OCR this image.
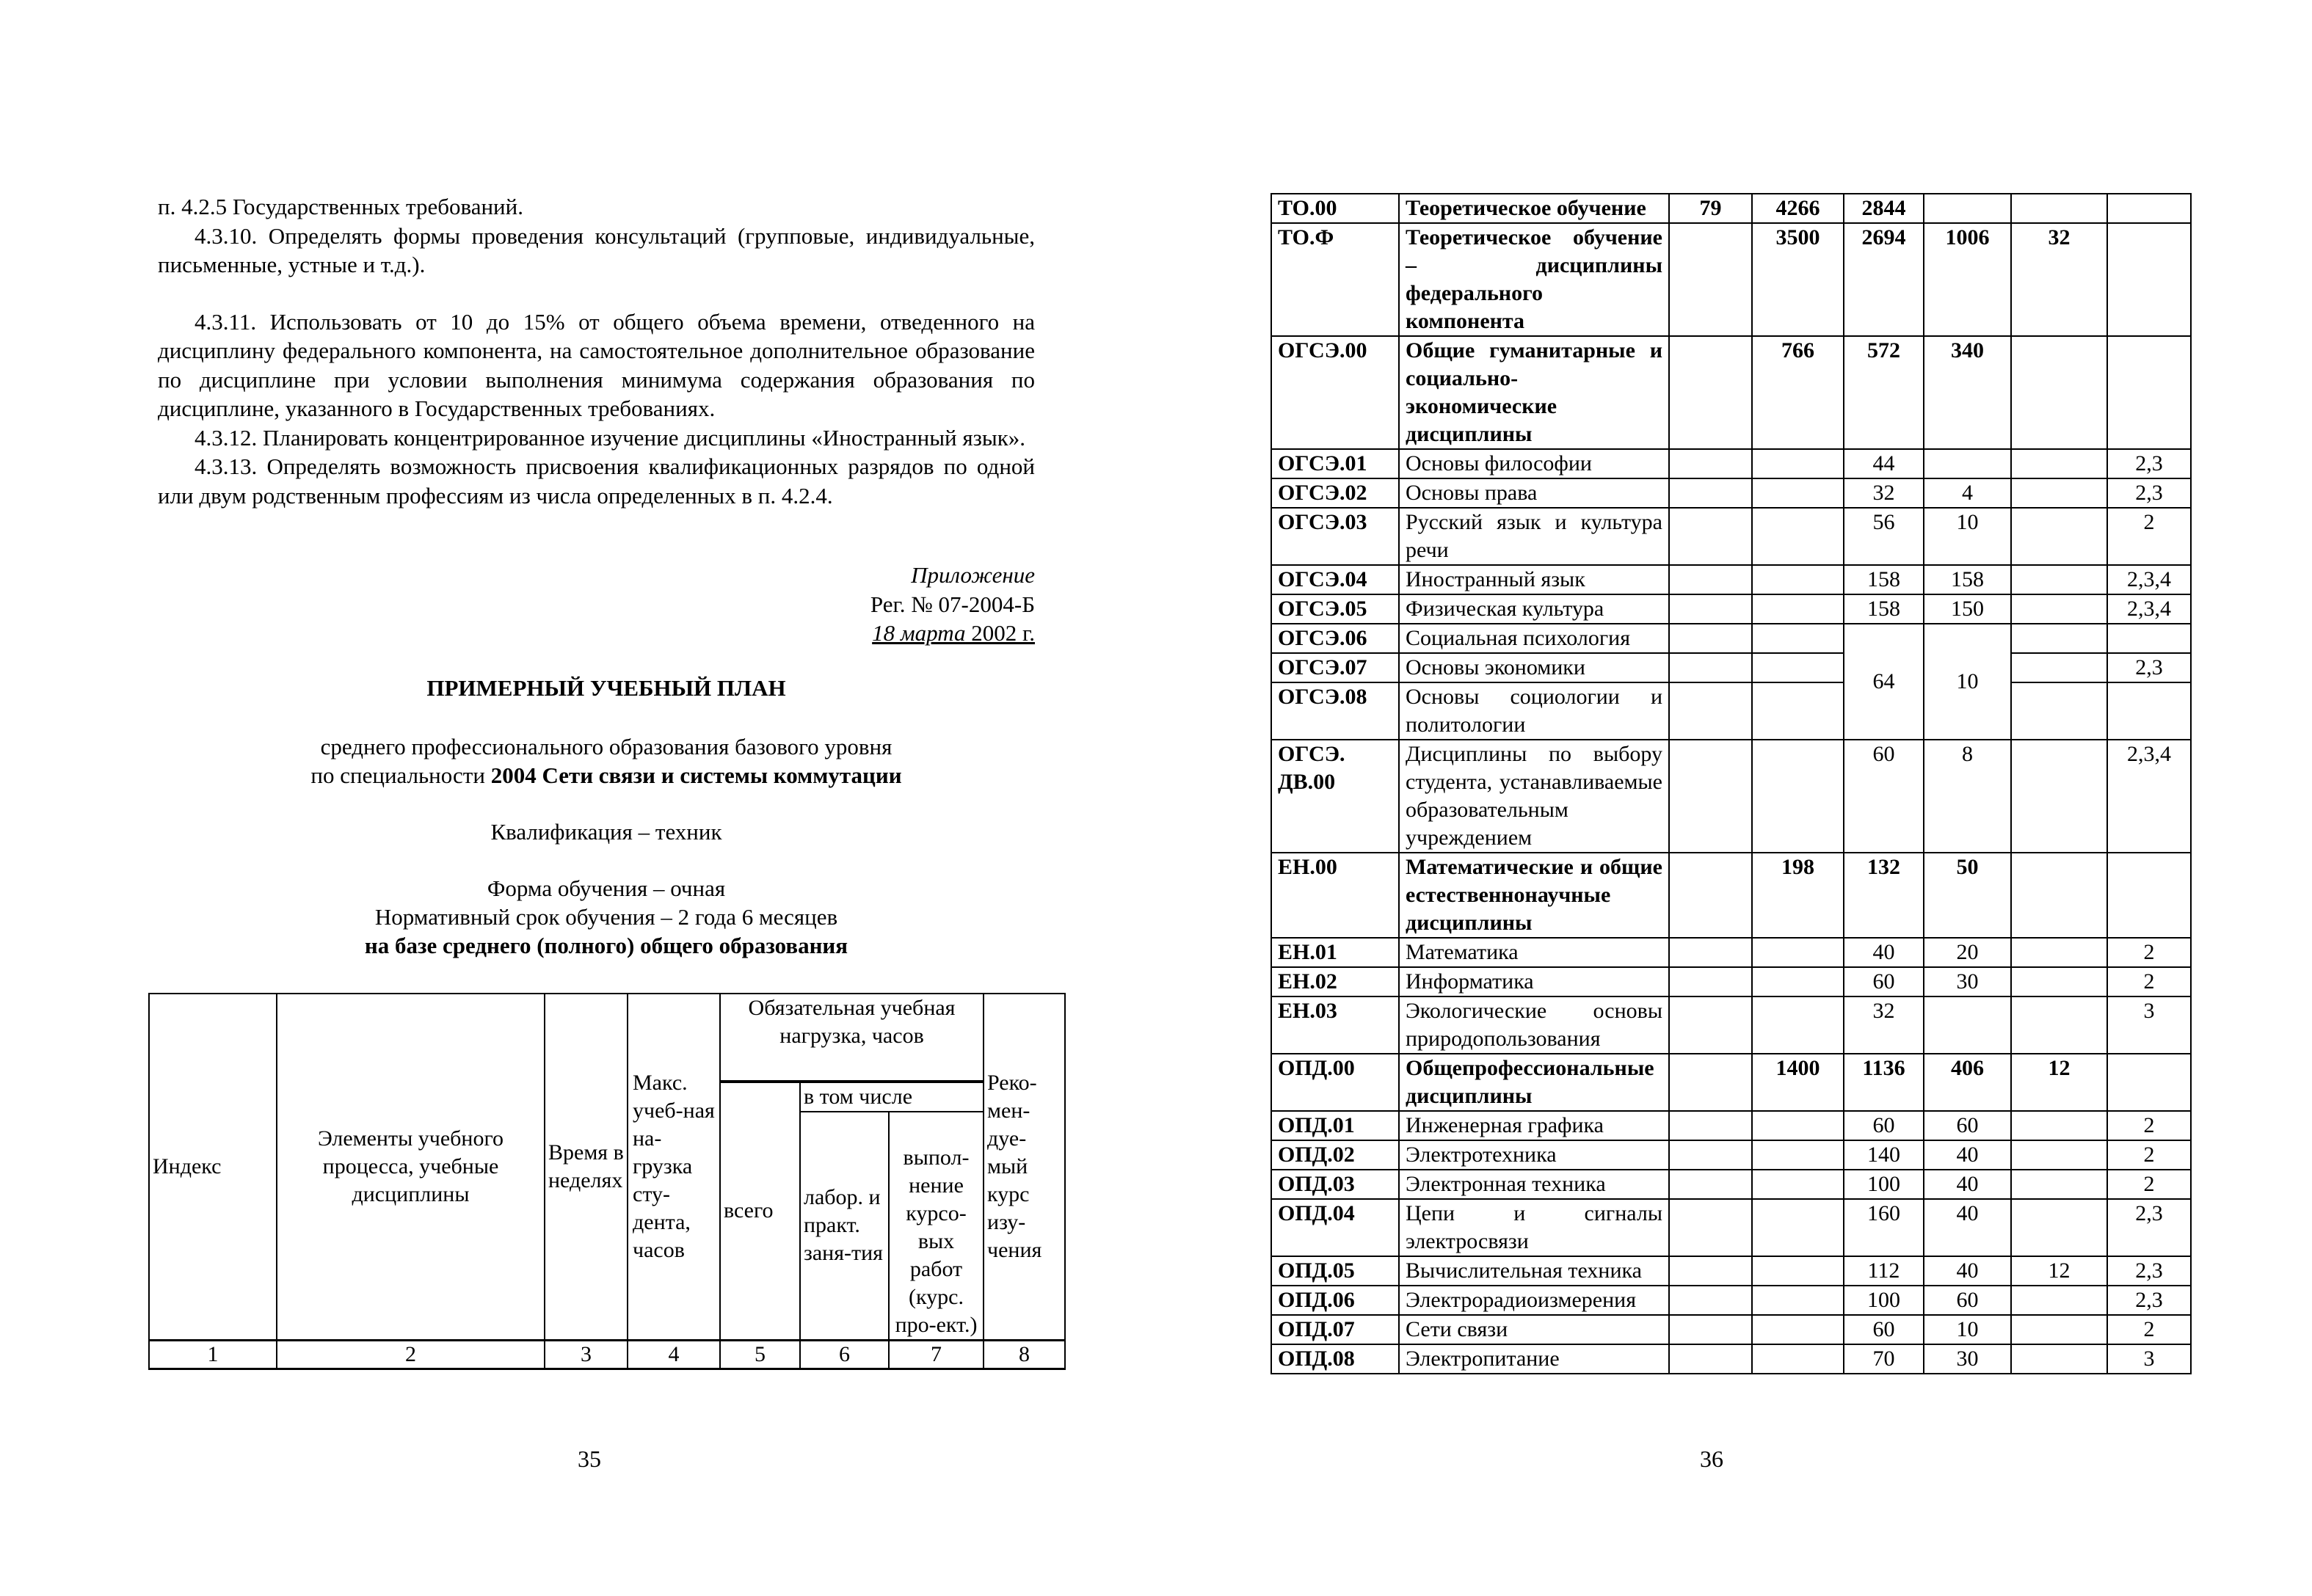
п. 4.2.5 Государственных требований.

4.3.10. Определять формы проведения консультаций (групповые, индивидуальные, письменные, устные и т.д.).

4.3.11. Использовать от 10 до 15% от общего объема времени, отведенного на дисциплину федерального компонента, на самостоятельное дополнительное образование по дисциплине при условии выполнения минимума содержания образования по дисциплине, указанного в Государственных требованиях.

4.3.12. Планировать концентрированное изучение дисциплины «Иностранный язык».

4.3.13. Определять возможность присвоения квалификационных разрядов по одной или двум родственным профессиям из числа определенных в п. 4.2.4.

Приложение
Рег. № 07-2004-Б
18 марта 2002 г.
ПРИМЕРНЫЙ УЧЕБНЫЙ ПЛАН
среднего профессионального образования базового уровня
по специальности 2004 Сети связи и системы коммутации
Квалификация – техник
Форма обучения – очная
Нормативный срок обучения – 2 года 6 месяцев
на базе среднего (полного) общего образования
Индекс	Элементы учебного процесса, учебные дисциплины	Время в неделях	Макс. учеб-ная на-грузка сту-дента, часов	Обязательная учебная нагрузка, часов			Реко-мен-дуе-мый курс изу-чения
				всего	в том числе		
					лабор. и практ. заня-тия	выпол-нение курсо-вых работ (курс. про-ект.)	
1	2	3	4	5	6	7	8
35
ТО.00	Теоретическое обучение	79	4266	2844			
ТО.Ф	Теоретическое обучение – дисциплины федерального компонента		3500	2694	1006	32	
ОГСЭ.00	Общие гуманитарные и социально-экономические дисциплины		766	572	340		
ОГСЭ.01	Основы философии			44			2,3
ОГСЭ.02	Основы права			32	4		2,3
ОГСЭ.03	Русский язык и культура речи			56	10		2
ОГСЭ.04	Иностранный язык			158	158		2,3,4
ОГСЭ.05	Физическая культура			158	150		2,3,4
ОГСЭ.06	Социальная психология			64	10		
ОГСЭ.07	Основы экономики						2,3
ОГСЭ.08	Основы социологии и политологии						
ОГСЭ. ДВ.00	Дисциплины по выбору студента, устанавливаемые образовательным учреждением			60	8		2,3,4
ЕН.00	Математические и общие естественнонаучные дисциплины		198	132	50		
ЕН.01	Математика			40	20		2
ЕН.02	Информатика			60	30		2
ЕН.03	Экологические основы природопользования			32			3
ОПД.00	Общепрофессиональные дисциплины		1400	1136	406	12	
ОПД.01	Инженерная графика			60	60		2
ОПД.02	Электротехника			140	40		2
ОПД.03	Электронная техника			100	40		2
ОПД.04	Цепи и сигналы электросвязи			160	40		2,3
ОПД.05	Вычислительная техника			112	40	12	2,3
ОПД.06	Электрорадиоизмерения			100	60		2,3
ОПД.07	Сети связи			60	10		2
ОПД.08	Электропитание			70	30		3
36
